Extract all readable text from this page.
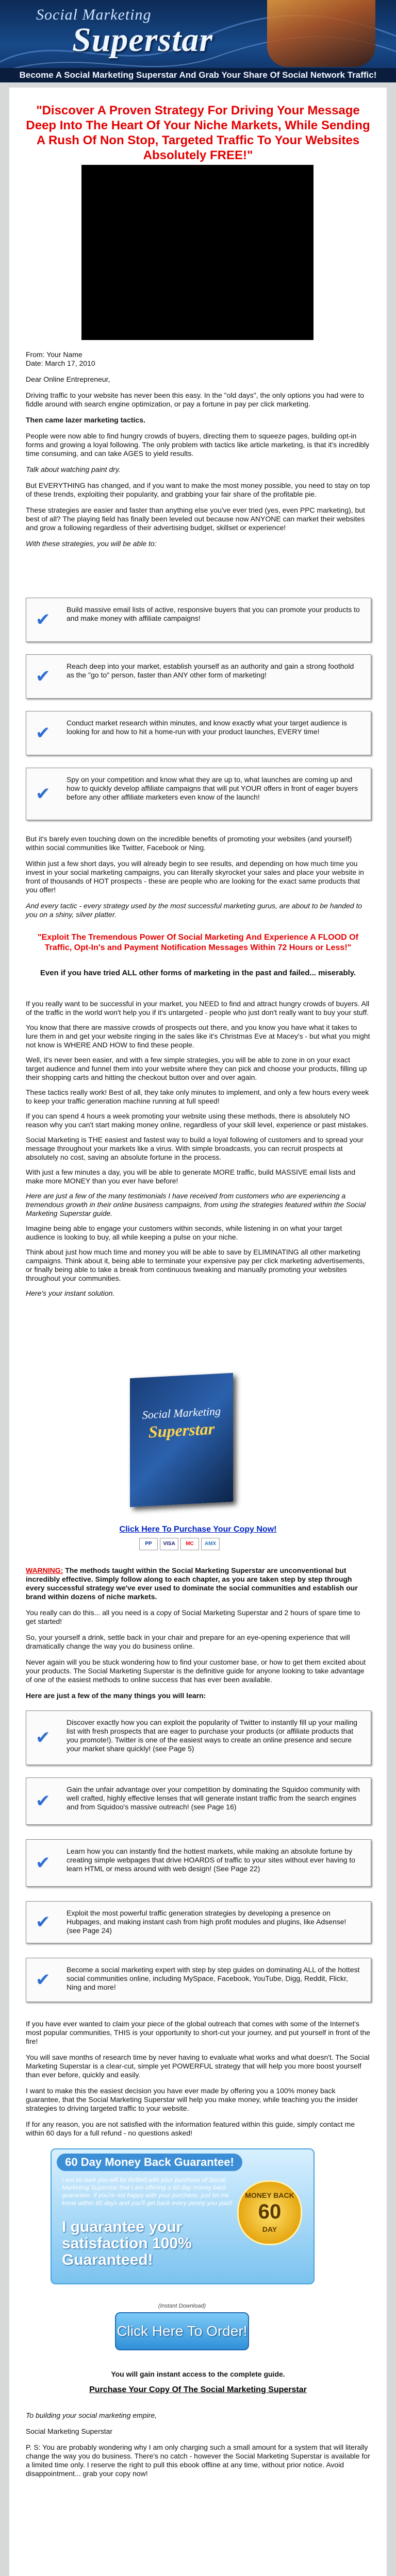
Social Marketing
Superstar
Become A Social Marketing Superstar And Grab Your Share Of Social Network Traffic!
"Discover A Proven Strategy For Driving Your Message Deep Into The Heart Of Your Niche Markets, While Sending A Rush Of Non Stop, Targeted Traffic To Your Websites Absolutely FREE!"

From: Your Name

Date: March 17, 2010

Dear Online Entrepreneur,

Driving traffic to your website has never been this easy. In the "old days", the only options you had were to fiddle around with search engine optimization, or pay a fortune in pay per click marketing.

Then came lazer marketing tactics.

People were now able to find hungry crowds of buyers, directing them to squeeze pages, building opt-in forms and growing a loyal following. The only problem with tactics like article marketing, is that it's incredibly time consuming, and can take AGES to yield results.

Talk about watching paint dry.

But EVERYTHING has changed, and if you want to make the most money possible, you need to stay on top of these trends, exploiting their popularity, and grabbing your fair share of the profitable pie.

These strategies are easier and faster than anything else you've ever tried (yes, even PPC marketing), but best of all? The playing field has finally been leveled out because now ANYONE can market their websites and grow a following regardless of their advertising budget, skillset or experience!

With these strategies, you will be able to:

✔
Build massive email lists of active, responsive buyers that you can promote your products to and make money with affiliate campaigns!
✔
Reach deep into your market, establish yourself as an authority and gain a strong foothold as the "go to" person, faster than ANY other form of marketing!
✔
Conduct market research within minutes, and know exactly what your target audience is looking for and how to hit a home-run with your product launches, EVERY time!
✔
Spy on your competition and know what they are up to, what launches are coming up and how to quickly develop affiliate campaigns that will put YOUR offers in front of eager buyers before any other affiliate marketers even know of the launch!

But it's barely even touching down on the incredible benefits of promoting your websites (and yourself) within social communities like Twitter, Facebook or Ning.

Within just a few short days, you will already begin to see results, and depending on how much time you invest in your social marketing campaigns, you can literally skyrocket your sales and place your website in front of thousands of HOT prospects - these are people who are looking for the exact same products that you offer!

And every tactic - every strategy used by the most successful marketing gurus, are about to be handed to you on a shiny, silver platter.

"Exploit The Tremendous Power Of Social Marketing And Experience A FLOOD Of Traffic, Opt-In's and Payment Notification Messages Within 72 Hours or Less!"
Even if you have tried ALL other forms of marketing in the past and failed... miserably.

If you really want to be successful in your market, you NEED to find and attract hungry crowds of buyers. All of the traffic in the world won't help you if it's untargeted - people who just don't really want to buy your stuff.

You know that there are massive crowds of prospects out there, and you know you have what it takes to lure them in and get your website ringing in the sales like it's Christmas Eve at Macey's - but what you might not know is WHERE AND HOW to find these people.

Well, it's never been easier, and with a few simple strategies, you will be able to zone in on your exact target audience and funnel them into your website where they can pick and choose your products, filling up their shopping carts and hitting the checkout button over and over again.

These tactics really work! Best of all, they take only minutes to implement, and only a few hours every week to keep your traffic generation machine running at full speed!

If you can spend 4 hours a week promoting your website using these methods, there is absolutely NO reason why you can't start making money online, regardless of your skill level, experience or past mistakes.

Social Marketing is THE easiest and fastest way to build a loyal following of customers and to spread your message throughout your markets like a virus. With simple broadcasts, you can recruit prospects at absolutely no cost, saving an absolute fortune in the process.

With just a few minutes a day, you will be able to generate MORE traffic, build MASSIVE email lists and make more MONEY than you ever have before!

Here are just a few of the many testimonials I have received from customers who are experiencing a tremendous growth in their online business campaigns, from using the strategies featured within the Social Marketing Superstar guide.

Imagine being able to engage your customers within seconds, while listening in on what your target audience is looking to buy, all while keeping a pulse on your niche.

Think about just how much time and money you will be able to save by ELIMINATING all other marketing campaigns. Think about it, being able to terminate your expensive pay per click marketing advertisements, or finally being able to take a break from continuous tweaking and manually promoting your websites throughout your communities.

Here's your instant solution.

Social Marketing
Superstar
Click Here To Purchase Your Copy Now!
PP VISA MC AMX

WARNING: The methods taught within the Social Marketing Superstar are unconventional but incredibly effective. Simply follow along to each chapter, as you are taken step by step through every successful strategy we've ever used to dominate the social communities and establish our brand within dozens of niche markets.

You really can do this... all you need is a copy of Social Marketing Superstar and 2 hours of spare time to get started!

So, your yourself a drink, settle back in your chair and prepare for an eye-opening experience that will dramatically change the way you do business online.

Never again will you be stuck wondering how to find your customer base, or how to get them excited about your products. The Social Marketing Superstar is the definitive guide for anyone looking to take advantage of one of the easiest methods to online success that has ever been available.

Here are just a few of the many things you will learn:

✔
Discover exactly how you can exploit the popularity of Twitter to instantly fill up your mailing list with fresh prospects that are eager to purchase your products (or affiliate products that you promote!). Twitter is one of the easiest ways to create an online presence and secure your market share quickly! (see Page 5)
✔
Gain the unfair advantage over your competition by dominating the Squidoo community with well crafted, highly effective lenses that will generate instant traffic from the search engines and from Squidoo's massive outreach! (see Page 16)
✔
Learn how you can instantly find the hottest markets, while making an absolute fortune by creating simple webpages that drive HOARDS of traffic to your sites without ever having to learn HTML or mess around with web design! (See Page 22)
✔	Exploit the most powerful traffic generation strategies by developing a presence on Hubpages, and making instant cash from high profit modules and plugins, like Adsense! (see Page 24)
✔
Become a social marketing expert with step by step guides on dominating ALL of the hottest social communities online, including MySpace, Facebook, YouTube, Digg, Reddit, Flickr, Ning and more!

If you have ever wanted to claim your piece of the global outreach that comes with some of the Internet's most popular communities, THIS is your opportunity to short-cut your journey, and put yourself in front of the fire!

You will save months of research time by never having to evaluate what works and what doesn't. The Social Marketing Superstar is a clear-cut, simple yet POWERFUL strategy that will help you more boost yourself than ever before, quickly and easily.

I want to make this the easiest decision you have ever made by offering you a 100% money back guarantee, that the Social Marketing Superstar will help you make money, while teaching you the insider strategies to driving targeted traffic to your website.

If for any reason, you are not satisfied with the information featured within this guide, simply contact me within 60 days for a full refund - no questions asked!

60 Day Money Back Guarantee!
I am so sure you will be thrilled with your purchase of Social Marketing Superstar that I am offering a 60 day money back guarantee. If you're not happy with your purchase, just let me know within 60 days and you'll get back every penny you paid!
I guarantee your satisfaction 100% Guaranteed!
MONEY BACK
60
DAY
(Instant Download)
Click Here To Order!
You will gain instant access to the complete guide.
Purchase Your Copy Of The Social Marketing Superstar

To building your social marketing empire,

Social Marketing Superstar

P. S: You are probably wondering why I am only charging such a small amount for a system that will literally change the way you do business. There's no catch - however the Social Marketing Superstar is available for a limited time only. I reserve the right to pull this ebook offline at any time, without prior notice. Avoid disappointment... grab your copy now!
